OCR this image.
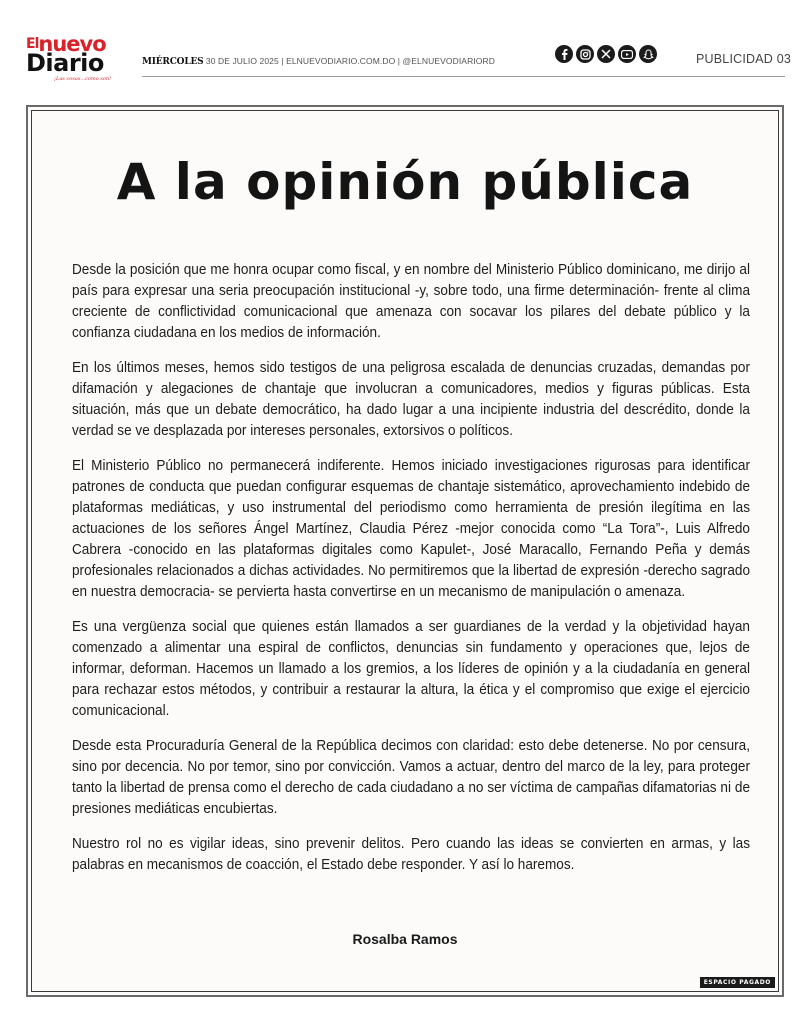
$^{El}$nuevo
Diario
¡Las cosas...como son!
MIÉRCOLES 30 DE JULIO 2025 | ELNUEVODIARIO.COM.DO | @ELNUEVODIARIORD	PUBLICIDAD 03
A la opinión pública

Desde la posición que me honra ocupar como fiscal, y en nombre del Ministerio Público dominicano, me dirijo al país para expresar una seria preocupación institucional -y, sobre todo, una firme determinación- frente al clima creciente de conflictividad comunicacional que amenaza con socavar los pilares del debate público y la confianza ciudadana en los medios de información.

En los últimos meses, hemos sido testigos de una peligrosa escalada de denuncias cruzadas, demandas por difamación y alegaciones de chantaje que involucran a comunicadores, medios y figuras públicas. Esta situación, más que un debate democrático, ha dado lugar a una incipiente industria del descrédito, donde la verdad se ve desplazada por intereses personales, extorsivos o políticos.

El Ministerio Público no permanecerá indiferente. Hemos iniciado investigaciones rigurosas para identificar patrones de conducta que puedan configurar esquemas de chantaje sistemático, aprovechamiento indebido de plataformas mediáticas, y uso instrumental del periodismo como herramienta de presión ilegítima en las actuaciones de los señores Ángel Martínez, Claudia Pérez -mejor conocida como “La Tora”-, Luis Alfredo Cabrera -conocido en las plataformas digitales como Kapulet-, José Maracallo, Fernando Peña y demás profesionales relacionados a dichas actividades. No permitiremos que la libertad de expresión -derecho sagrado en nuestra democracia- se pervierta hasta convertirse en un mecanismo de manipulación o amenaza.

Es una vergüenza social que quienes están llamados a ser guardianes de la verdad y la objetividad hayan comenzado a alimentar una espiral de conflictos, denuncias sin fundamento y operaciones que, lejos de informar, deforman. Hacemos un llamado a los gremios, a los líderes de opinión y a la ciudadanía en general para rechazar estos métodos, y contribuir a restaurar la altura, la ética y el compromiso que exige el ejercicio comunicacional.

Desde esta Procuraduría General de la República decimos con claridad: esto debe detenerse. No por censura, sino por decencia. No por temor, sino por convicción. Vamos a actuar, dentro del marco de la ley, para proteger tanto la libertad de prensa como el derecho de cada ciudadano a no ser víctima de campañas difamatorias ni de presiones mediáticas encubiertas.

Nuestro rol no es vigilar ideas, sino prevenir delitos. Pero cuando las ideas se convierten en armas, y las palabras en mecanismos de coacción, el Estado debe responder. Y así lo haremos.

Rosalba Ramos
ESPACIO PAGADO
